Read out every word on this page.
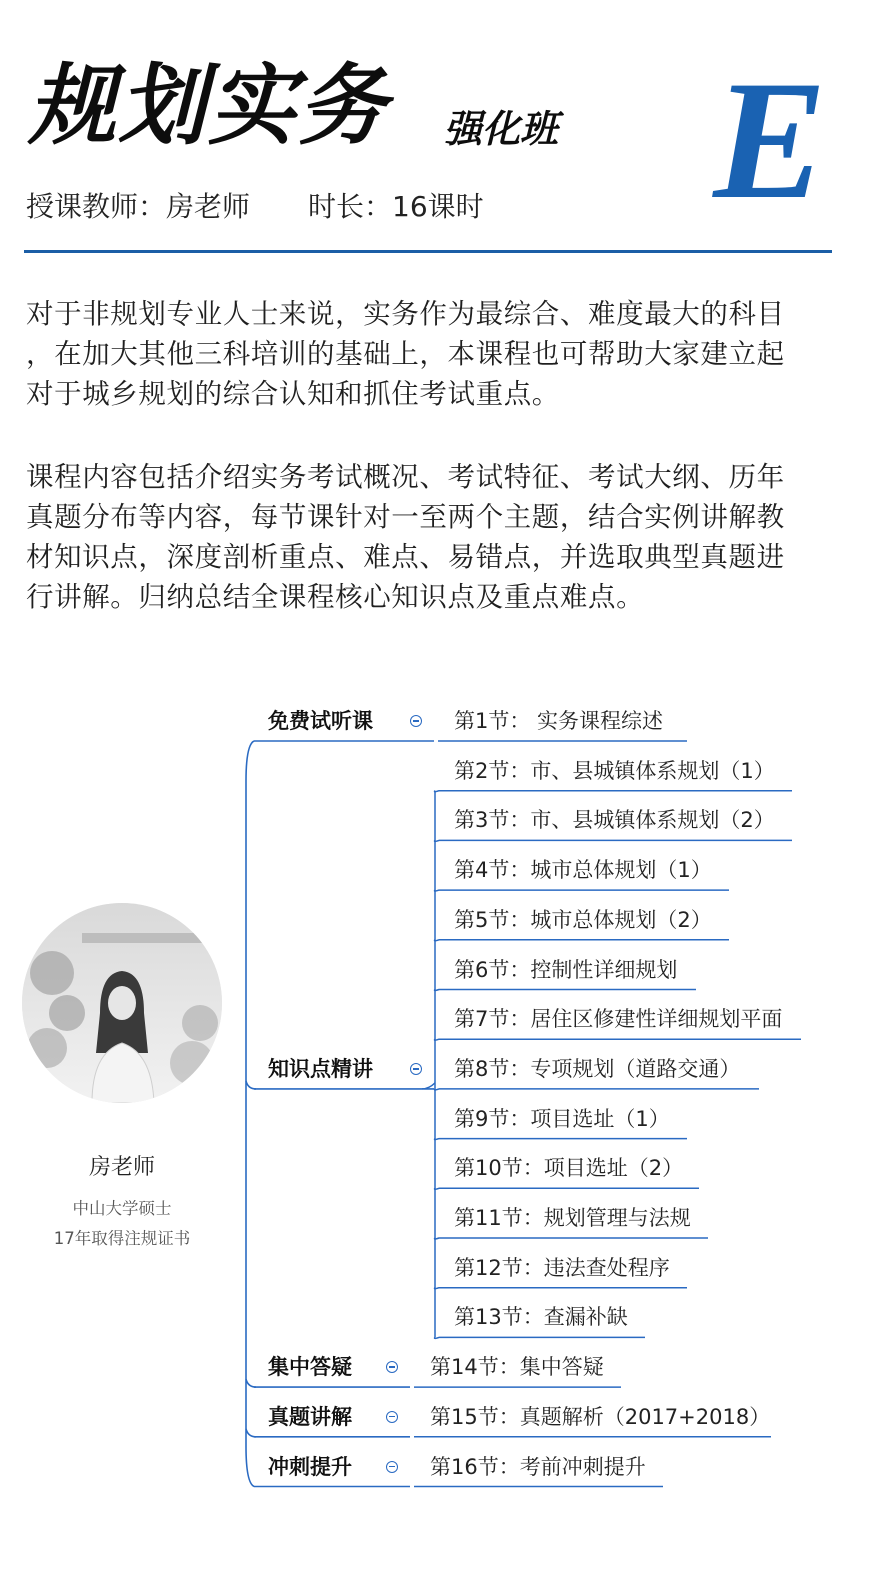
规划实务 强化班 E
授课教师：房老师 时长：16课时
对于非规划专业人士来说，实务作为最综合、难度最大的科目
，在加大其他三科培训的基础上，本课程也可帮助大家建立起
对于城乡规划的综合认知和抓住考试重点。
课程内容包括介绍实务考试概况、考试特征、考试大纲、历年
真题分布等内容，每节课针对一至两个主题，结合实例讲解教
材知识点，深度剖析重点、难点、易错点，并选取典型真题进
行讲解。归纳总结全课程核心知识点及重点难点。
房老师
中山大学硕士
17年取得注规证书
免费试听课	第1节： 实务课程综述
知识点精讲
第2节：市、县城镇体系规划（1）
第3节：市、县城镇体系规划（2）
第4节：城市总体规划（1）
第5节：城市总体规划（2）
第6节：控制性详细规划
第7节：居住区修建性详细规划平面
第8节：专项规划（道路交通）
第9节：项目选址（1）
第10节：项目选址（2）
第11节：规划管理与法规
第12节：违法查处程序
第13节：查漏补缺
集中答疑	第14节：集中答疑
真题讲解	第15节：真题解析（2017+2018）
冲刺提升	第16节：考前冲刺提升
